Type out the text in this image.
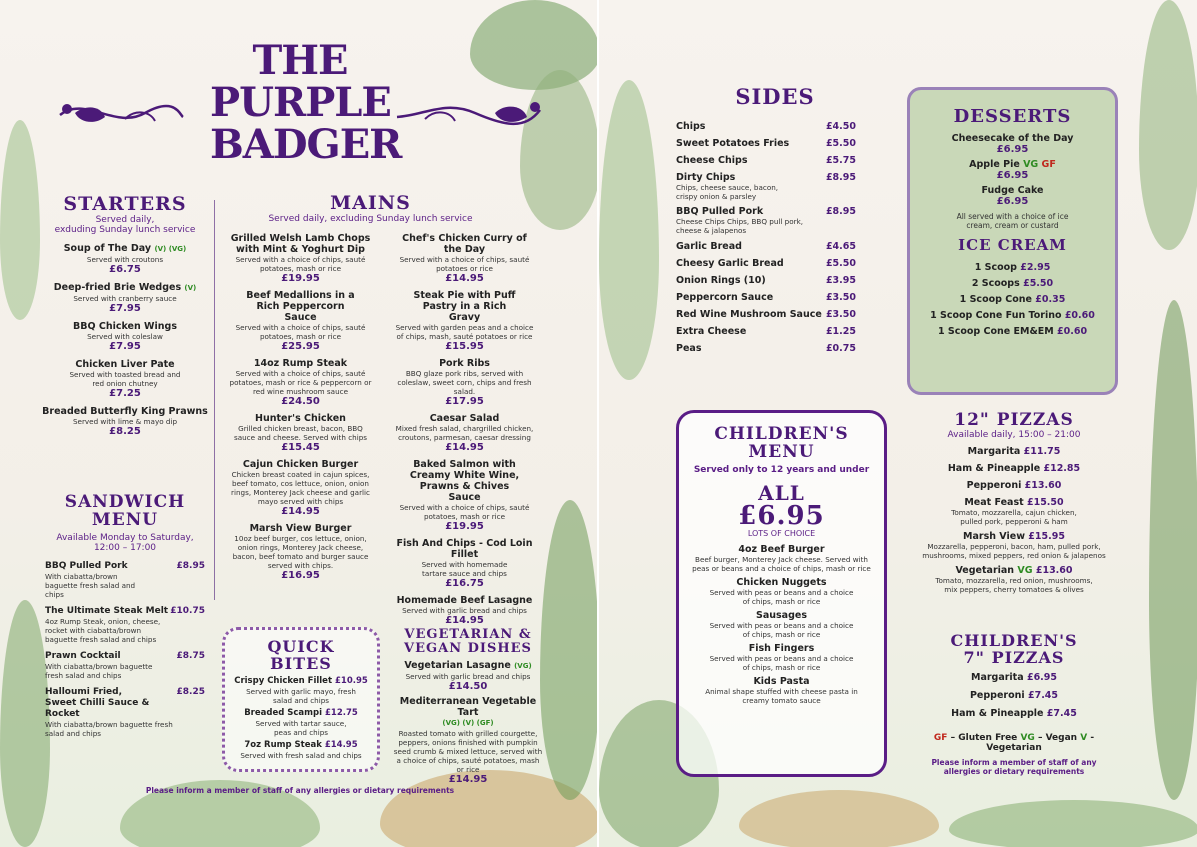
THE
PURPLE
BADGER
STARTERS
Served daily,
exduding Sunday lunch service
Soup of The Day (V) (VG)
Served with croutons
£6.75
Deep-fried Brie Wedges (V)
Served with cranberry sauce
£7.95
BBQ Chicken Wings
Served with coleslaw
£7.95
Chicken Liver Pate
Served with toasted bread and red onion chutney
£7.25
Breaded Butterfly King Prawns
Served with lime & mayo dip
£8.25
SANDWICH
MENU
Available Monday to Saturday,
12:00 – 17:00
BBQ Pulled Pork	£8.95
With ciabatta/brown baguette fresh salad and chips
The Ultimate Steak Melt £10.75
4oz Rump Steak, onion, cheese, rocket with ciabatta/brown baguette fresh salad and chips
Prawn Cocktail	£8.75
With ciabatta/brown baguette fresh salad and chips
Halloumi Fried, Sweet Chilli Sauce & Rocket
£8.25
With ciabatta/brown baguette fresh salad and chips
MAINS
Served daily, excluding Sunday lunch service
Grilled Welsh Lamb Chops with Mint & Yoghurt Dip
Served with a choice of chips, sauté potatoes, mash or rice
£19.95
Beef Medallions in a Rich Peppercorn Sauce
Served with a choice of chips, sauté potatoes, mash or rice
£25.95
14oz Rump Steak
Served with a choice of chips, sauté potatoes, mash or rice & peppercorn or red wine mushroom sauce
£24.50
Hunter's Chicken
Grilled chicken breast, bacon, BBQ sauce and cheese. Served with chips
£15.45
Cajun Chicken Burger
Chicken breast coated in cajun spices, beef tomato, cos lettuce, onion, onion rings, Monterey Jack cheese and garlic mayo served with chips
£14.95
Marsh View Burger
10oz beef burger, cos lettuce, onion, onion rings, Monterey Jack cheese, bacon, beef tomato and burger sauce served with chips.
£16.95
Chef's Chicken Curry of the Day
Served with a choice of chips, sauté potatoes or rice
£14.95
Steak Pie with Puff Pastry in a Rich Gravy
Served with garden peas and a choice of chips, mash, sauté potatoes or rice
£15.95
Pork Ribs
BBQ glaze pork ribs, served with coleslaw, sweet corn, chips and fresh salad.
£17.95
Caesar Salad
Mixed fresh salad, chargrilled chicken, croutons, parmesan, caesar dressing
£14.95
Baked Salmon with Creamy White Wine, Prawns & Chives Sauce
Served with a choice of chips, sauté potatoes, mash or rice
£19.95
Fish And Chips - Cod Loin Fillet
Served with homemade tartare sauce and chips
£16.75
Homemade Beef Lasagne
Served with garlic bread and chips
£14.95
QUICK
BITES
Crispy Chicken Fillet £10.95
Served with garlic mayo, fresh salad and chips
Breaded Scampi £12.75
Served with tartar sauce, peas and chips
7oz Rump Steak £14.95
Served with fresh salad and chips
VEGETARIAN &
VEGAN DISHES
Vegetarian Lasagne (VG)
Served with garlic bread and chips
£14.50
Mediterranean Vegetable Tart
(VG) (V) (GF)
Roasted tomato with grilled courgette, peppers, onions finished with pumpkin seed crumb & mixed lettuce, served with a choice of chips, sauté potatoes, mash or rice
£14.95
Please inform a member of staff of any allergies or dietary requirements
SIDES
Chips	£4.50
Sweet Potatoes Fries	£5.50
Cheese Chips	£5.75
Dirty Chips	£8.95
Chips, cheese sauce, bacon, crispy onion & parsley
BBQ Pulled Pork	£8.95
Cheese Chips Chips, BBQ pull pork, cheese & jalapenos
Garlic Bread	£4.65
Cheesy Garlic Bread	£5.50
Onion Rings (10)	£3.95
Peppercorn Sauce	£3.50
Red Wine Mushroom Sauce £3.50
Extra Cheese	£1.25
Peas	£0.75
DESSERTS
Cheesecake of the Day
£6.95
Apple Pie VG GF
£6.95
Fudge Cake
£6.95
All served with a choice of ice cream, cream or custard
ICE CREAM
1 Scoop £2.95
2 Scoops £5.50
1 Scoop Cone £0.35
1 Scoop Cone Fun Torino £0.60
1 Scoop Cone EM&EM £0.60
CHILDREN'S
MENU
Served only to 12 years and under
ALL
£6.95
LOTS OF CHOICE
4oz Beef Burger
Beef burger, Monterey Jack cheese. Served with peas or beans and a choice of chips, mash or rice
Chicken Nuggets
Served with peas or beans and a choice of chips, mash or rice
Sausages
Served with peas or beans and a choice of chips, mash or rice
Fish Fingers
Served with peas or beans and a choice of chips, mash or rice
Kids Pasta
Animal shape stuffed with cheese pasta in creamy tomato sauce
12" PIZZAS
Available daily, 15:00 – 21:00
Margarita £11.75
Ham & Pineapple £12.85
Pepperoni £13.60
Meat Feast £15.50
Tomato, mozzarella, cajun chicken, pulled pork, pepperoni & ham
Marsh View £15.95
Mozzarella, pepperoni, bacon, ham, pulled pork, mushrooms, mixed peppers, red onion & jalapenos
Vegetarian VG £13.60
Tomato, mozzarella, red onion, mushrooms, mix peppers, cherry tomatoes & olives
CHILDREN'S
7" PIZZAS
Margarita £6.95
Pepperoni £7.45
Ham & Pineapple £7.45
GF – Gluten Free VG – Vegan V - Vegetarian
Please inform a member of staff of any allergies or dietary requirements
